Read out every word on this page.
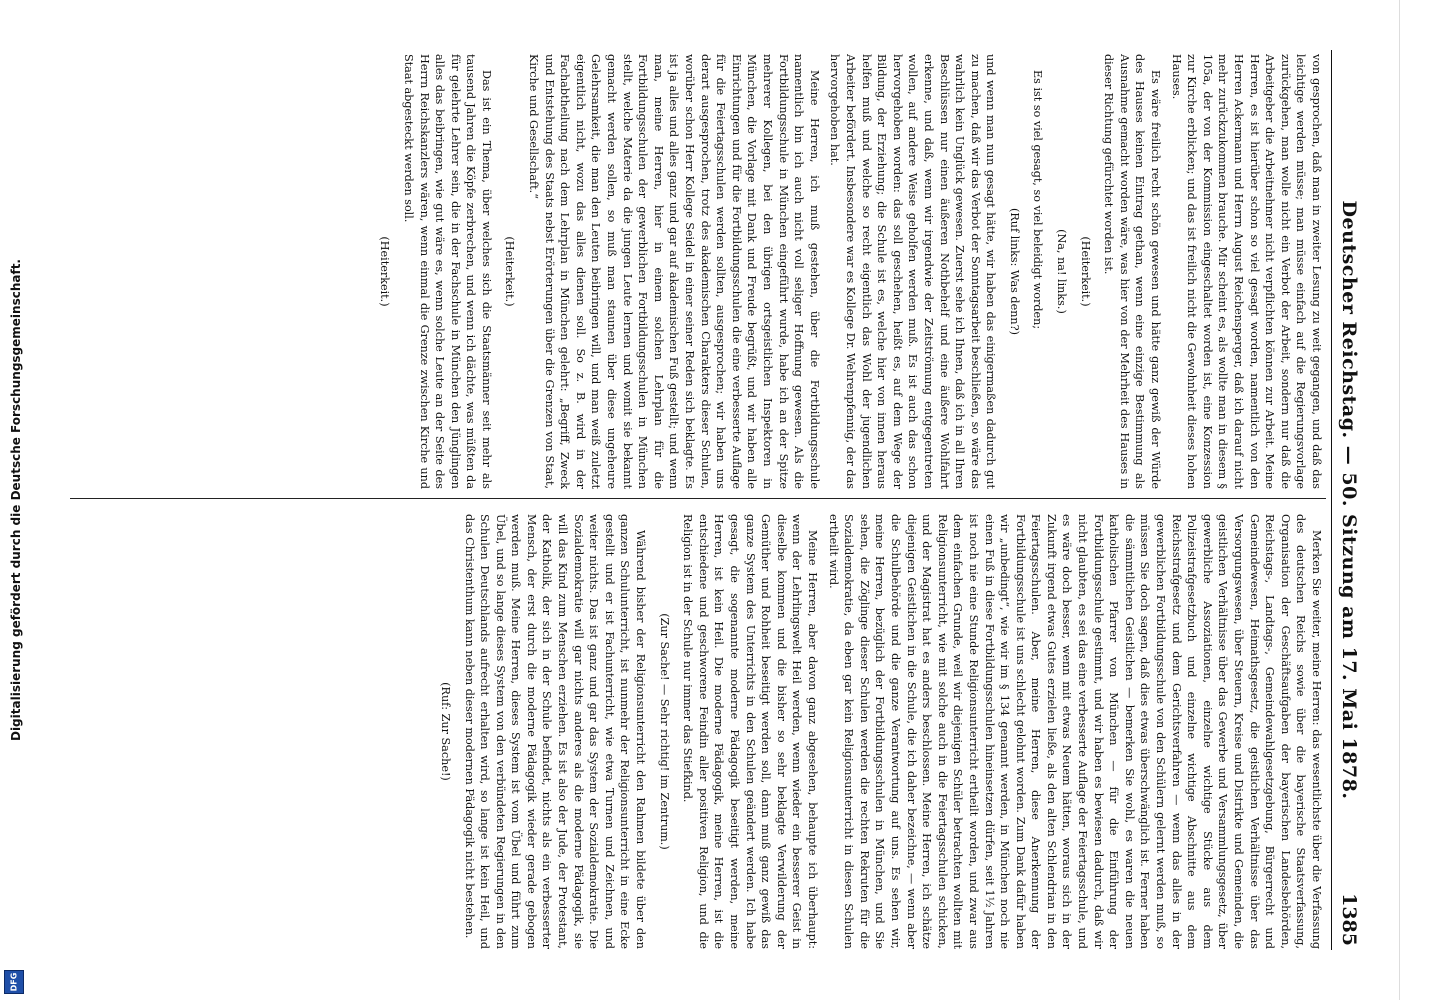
Deutscher Reichstag. — 50. Sitzung am 17. Mai 1878.
1385

von gesprochen, daß man in zweiter Lesung zu weit gegangen, und daß das leichtige werden müsse; man müsse einfach auf die Regierungsvorlage zurückgehen, man wolle nicht ein Verbot der Arbeit, sondern nur daß die Arbeitgeber die Arbeitnehmer nicht verpflichten können zur Arbeit. Meine Herren, es ist hierüber schon so viel gesagt worden, namentlich von den Herren Ackermann und Herrn August Reichensperger, daß ich darauf nicht mehr zurückzukommen brauche. Mir scheint es, als wollte man in diesem § 105a, der von der Kommission eingeschaltet worden ist, eine Konzession zur Kirche erblicken; und das ist freilich nicht die Gewohnheit dieses hohen Hauses.

Es wäre freilich recht schön gewesen und hätte ganz gewiß der Würde des Hauses keinen Eintrag gethan, wenn eine einzige Bestimmung als Ausnahme gemacht worden wäre, was hier von der Mehrheit des Hauses in dieser Richtung gefürchtet worden ist.

(Heiterkeit.)

(Na, na! links.)

Es ist so viel gesagt, so viel beleidigt worden;

(Ruf links: Was denn?)

und wenn man nun gesagt hätte, wir haben das einigermaßen dadurch gut zu machen, daß wir das Verbot der Sonntagsarbeit beschließen, so wäre das wahrlich kein Unglück gewesen. Zuerst sehe ich Ihnen, daß ich in all Ihren Beschlüssen nur einen äußeren Nothbehelf und eine äußere Wohlfahrt erkenne, und daß, wenn wir irgendwie der Zeitströmung entgegentreten wollen, auf andere Weise geholfen werden muß. Es ist auch das schon hervorgehoben worden: das soll geschehen, heißt es, auf dem Wege der Bildung, der Erziehung; die Schule ist es, welche hier von innen heraus helfen muß und welche so recht eigentlich das Wohl der jugendlichen Arbeiter befördert. Insbesondere war es Kollege Dr. Wehrenpfennig, der das hervorgehoben hat.

Meine Herren, ich muß gestehen, über die Fortbildungsschule namentlich bin ich auch nicht voll seliger Hoffnung gewesen. Als die Fortbildungsschule in München eingeführt wurde, habe ich an der Spitze mehrerer Kollegen, bei den übrigen ortsgeistlichen Inspektoren in München, die Vorlage mit Dank und Freude begrüßt, und wir haben alle Einrichtungen und für die Fortbildungsschulen die eine verbesserte Auflage für die Feiertagsschulen werden sollten, ausgesprochen; wir haben uns derart ausgesprochen, trotz des akademischen Charakters dieser Schulen, worüber schon Herr Kollege Seidel in einer seiner Reden sich beklagte. Es ist ja alles und alles ganz und gar auf akademischen Fuß gestellt; und wenn man, meine Herren, hier in einem solchen Lehrplan für die Fortbildungsschulen der gewerblichen Fortbildungsschulen in München stellt, welche Materie da die jungen Leute lernen und womit sie bekannt gemacht werden sollen, so muß man staunen über diese ungeheure Gelehrsamkeit, die man den Leuten beibringen will, und man weiß zuletzt eigentlich nicht, wozu das alles dienen soll. So z. B. wird in der Fachabtheilung nach dem Lehrplan in München gelehrt: „Begriff, Zweck und Entstehung des Staats nebst Erörterungen über die Grenzen von Staat, Kirche und Gesellschaft.“

(Heiterkeit.)

Das ist ein Thema, über welches sich die Staatsmänner seit mehr als tausend Jahren die Köpfe zerbrechen, und wenn ich dächte, was müßten da für gelehrte Lehrer sein, die in der Fachschule in München den Jünglingen alles das beibringen, wie gut wäre es, wenn solche Leute an der Seite des Herrn Reichskanzlers wären, wenn einmal die Grenze zwischen Kirche und Staat abgesteckt werden soll.

(Heiterkeit.)

Merken Sie weiter, meine Herren: das wesentlichste über die Verfassung des deutschen Reichs sowie über die bayerische Staatsverfassung, Organisation der Geschäftsaufgaben der bayerischen Landesbehörden, Reichstags-, Landtags-, Gemeindewahlgesetzgebung, Bürgerrecht und Gemeindewesen, Heimathsgesetz, die geistlichen Verhältnisse über das Versorgungswesen, über Steuern, Kreise und Distrikte und Gemeinden, die geistlichen Verhältnisse über das Gewerbe und Versammlungsgesetz, über gewerbliche Assoziationen, einzelne wichtige Stücke aus dem Polizeistrafgesetzbuch und einzelne wichtige Abschnitte aus dem Reichsstrafgesetz und dem Gerichtsverfahren — wenn das alles in der gewerblichen Fortbildungsschule von den Schülern gelernt werden muß, so müssen Sie doch sagen, daß dies etwas überschwänglich ist. Ferner haben die sämmtlichen Geistlichen — bemerken Sie wohl, es waren die neuen katholischen Pfarrer von München — für die Einführung der Fortbildungsschule gestimmt, und wir haben es bewiesen dadurch, daß wir nicht glaubten, es sei das eine verbesserte Auflage der Feiertagsschule, und es wäre doch besser, wenn mit etwas Neuem hätten, woraus sich in der Zukunft irgend etwas Gutes erzielen ließe, als den alten Schlendrian in den Feiertagsschulen. Aber, meine Herren, diese Anerkennung der Fortbildungsschule ist uns schlecht gelohnt worden. Zum Dank dafür haben wir „unbedingt“, wie wir im § 134 genannt werden, in München noch nie einen Fuß in diese Fortbildungsschulen hineinsetzen dürfen, seit 1½ Jahren ist noch nie eine Stunde Religionsunterricht ertheilt worden, und zwar aus dem einfachen Grunde, weil wir diejenigen Schüler betrachten wollten mit Religionsunterricht, wie mit solche auch in die Feiertagsschulen schicken, und der Magistrat hat es anders beschlossen. Meine Herren, ich schätze diejenigen Geistlichen in die Schule, die ich daher bezeichne, — wenn aber die Schulbehörde und die ganze Verantwortung auf uns. Es sehen wir, meine Herren, bezüglich der Fortbildungsschulen in München, und Sie sehen, die Zöglinge dieser Schulen werden die rechten Rekruten für die Sozialdemokratie, da eben gar kein Religionsunterricht in diesen Schulen ertheilt wird.

Meine Herren, aber davon ganz abgesehen, behaupte ich überhaupt: wenn der Lehrlingswelt Heil werden, wenn wieder ein besserer Geist in dieselbe kommen und die bisher so sehr beklagte Verwilderung der Gemüther und Rohheit beseitigt werden soll, dann muß ganz gewiß das ganze System des Unterrichts in den Schulen geändert werden. Ich habe gesagt, die sogenannte moderne Pädagogik beseitigt werden, meine Herren, ist kein Heil. Die moderne Pädagogik, meine Herren, ist die entschiedene und geschworene Feindin aller positiven Religion, und die Religion ist in der Schule nur immer das Stiefkind.

(Zur Sache! — Sehr richtig! im Zentrum.)

Während bisher der Religionsunterricht den Rahmen bildete über den ganzen Schulunterricht, ist nunmehr der Religionsunterricht in eine Ecke gestellt und er ist Fachunterricht, wie etwa Turnen und Zeichnen, und weiter nichts. Das ist ganz und gar das System der Sozialdemokratie. Die Sozialdemokratie will gar nichts anderes als die moderne Pädagogik, sie will das Kind zum Menschen erziehen. Es ist also der Jude, der Protestant, der Katholik, der sich in der Schule befindet, nichts als ein verbesserter Mensch, der erst durch die moderne Pädagogik wieder gerade gebogen werden muß. Meine Herren, dieses System ist vom Übel und führt zum Übel, und so lange dieses System von den verbündeten Regierungen in den Schulen Deutschlands aufrecht erhalten wird, so lange ist kein Heil, und das Christenthum kann neben dieser modernen Pädagogik nicht bestehen.

(Ruf: Zur Sache!)

Digitalisierung gefördert durch die Deutsche Forschungsgemeinschaft.
DFG
